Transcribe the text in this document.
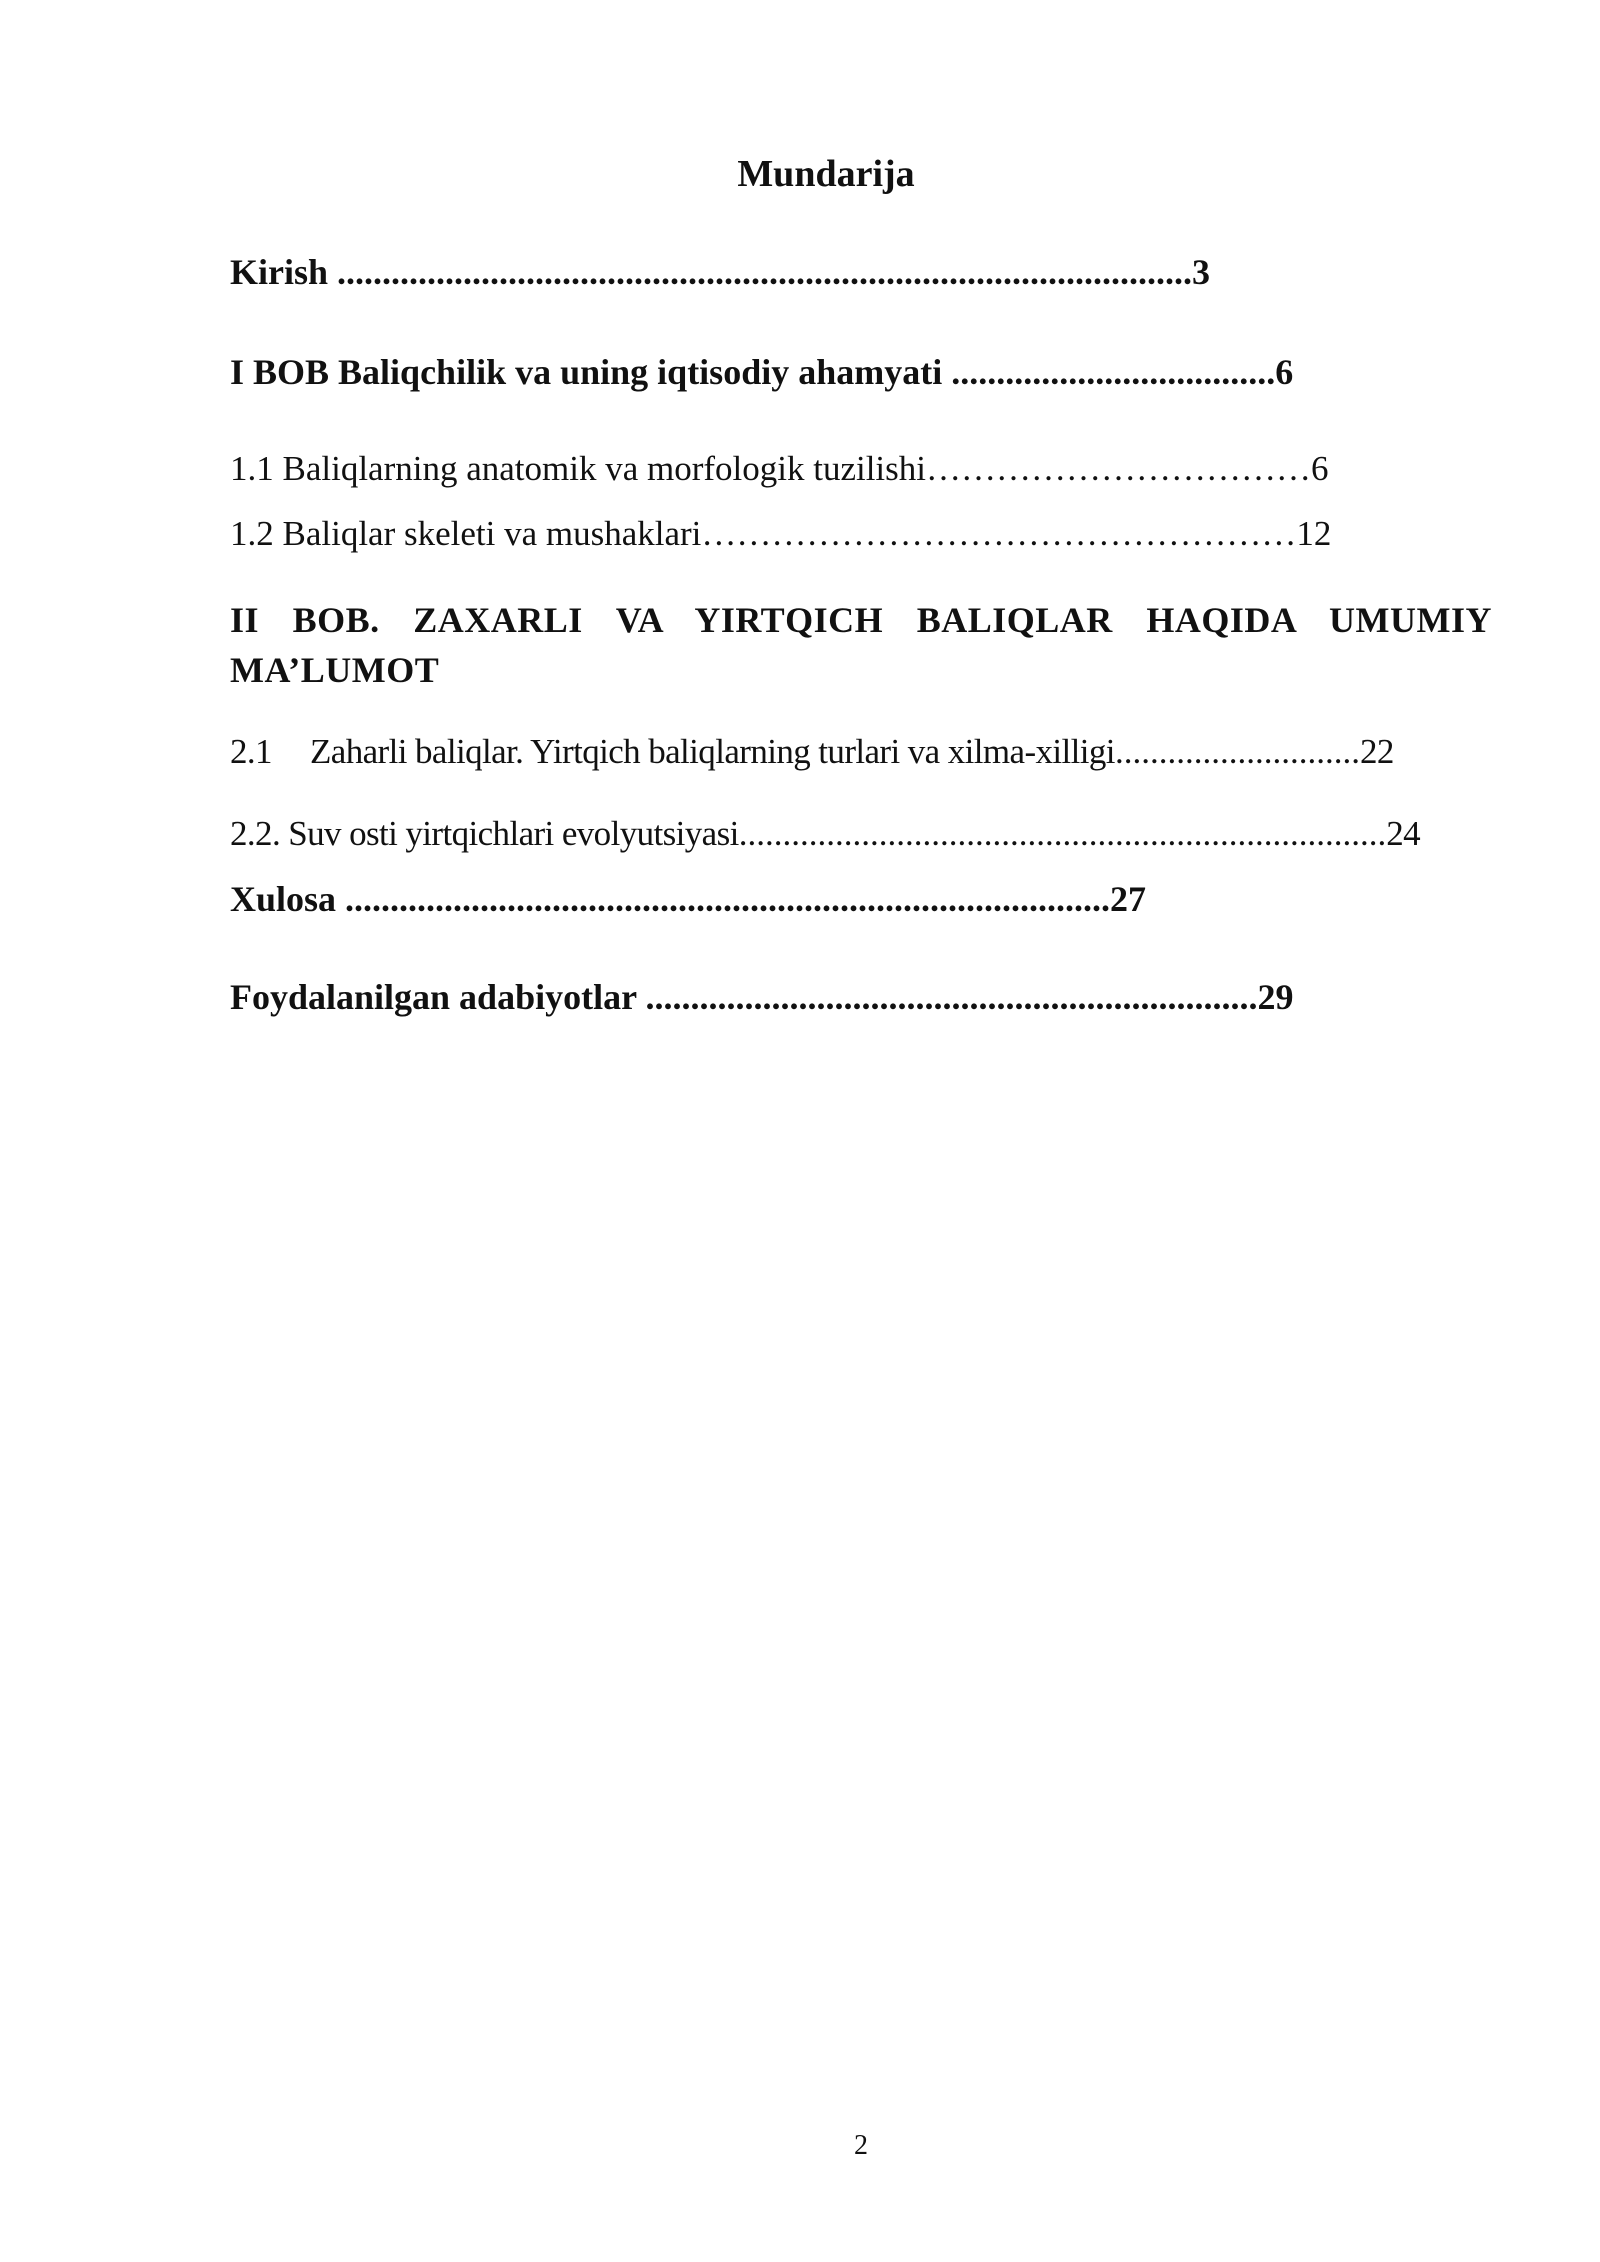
Mundarija
Kirish ...............................................................................................3
I BOB Baliqchilik va uning iqtisodiy ahamyati ....................................6
1.1 Baliqlarning anatomik va morfologik tuzilishi……………………………6
1.2 Baliqlar skeleti va mushaklari……………………………………………12

II BOB. ZAXARLI VA YIRTQICH BALIQLAR HAQIDA UMUMIY MA’LUMOT

2.1 Zaharli baliqlar. Yirtqich baliqlarning turlari va xilma-xilligi............................22
2.2. Suv osti yirtqichlari evolyutsiyasi..........................................................................24
Xulosa .....................................................................................27
Foydalanilgan adabiyotlar ....................................................................29
2
